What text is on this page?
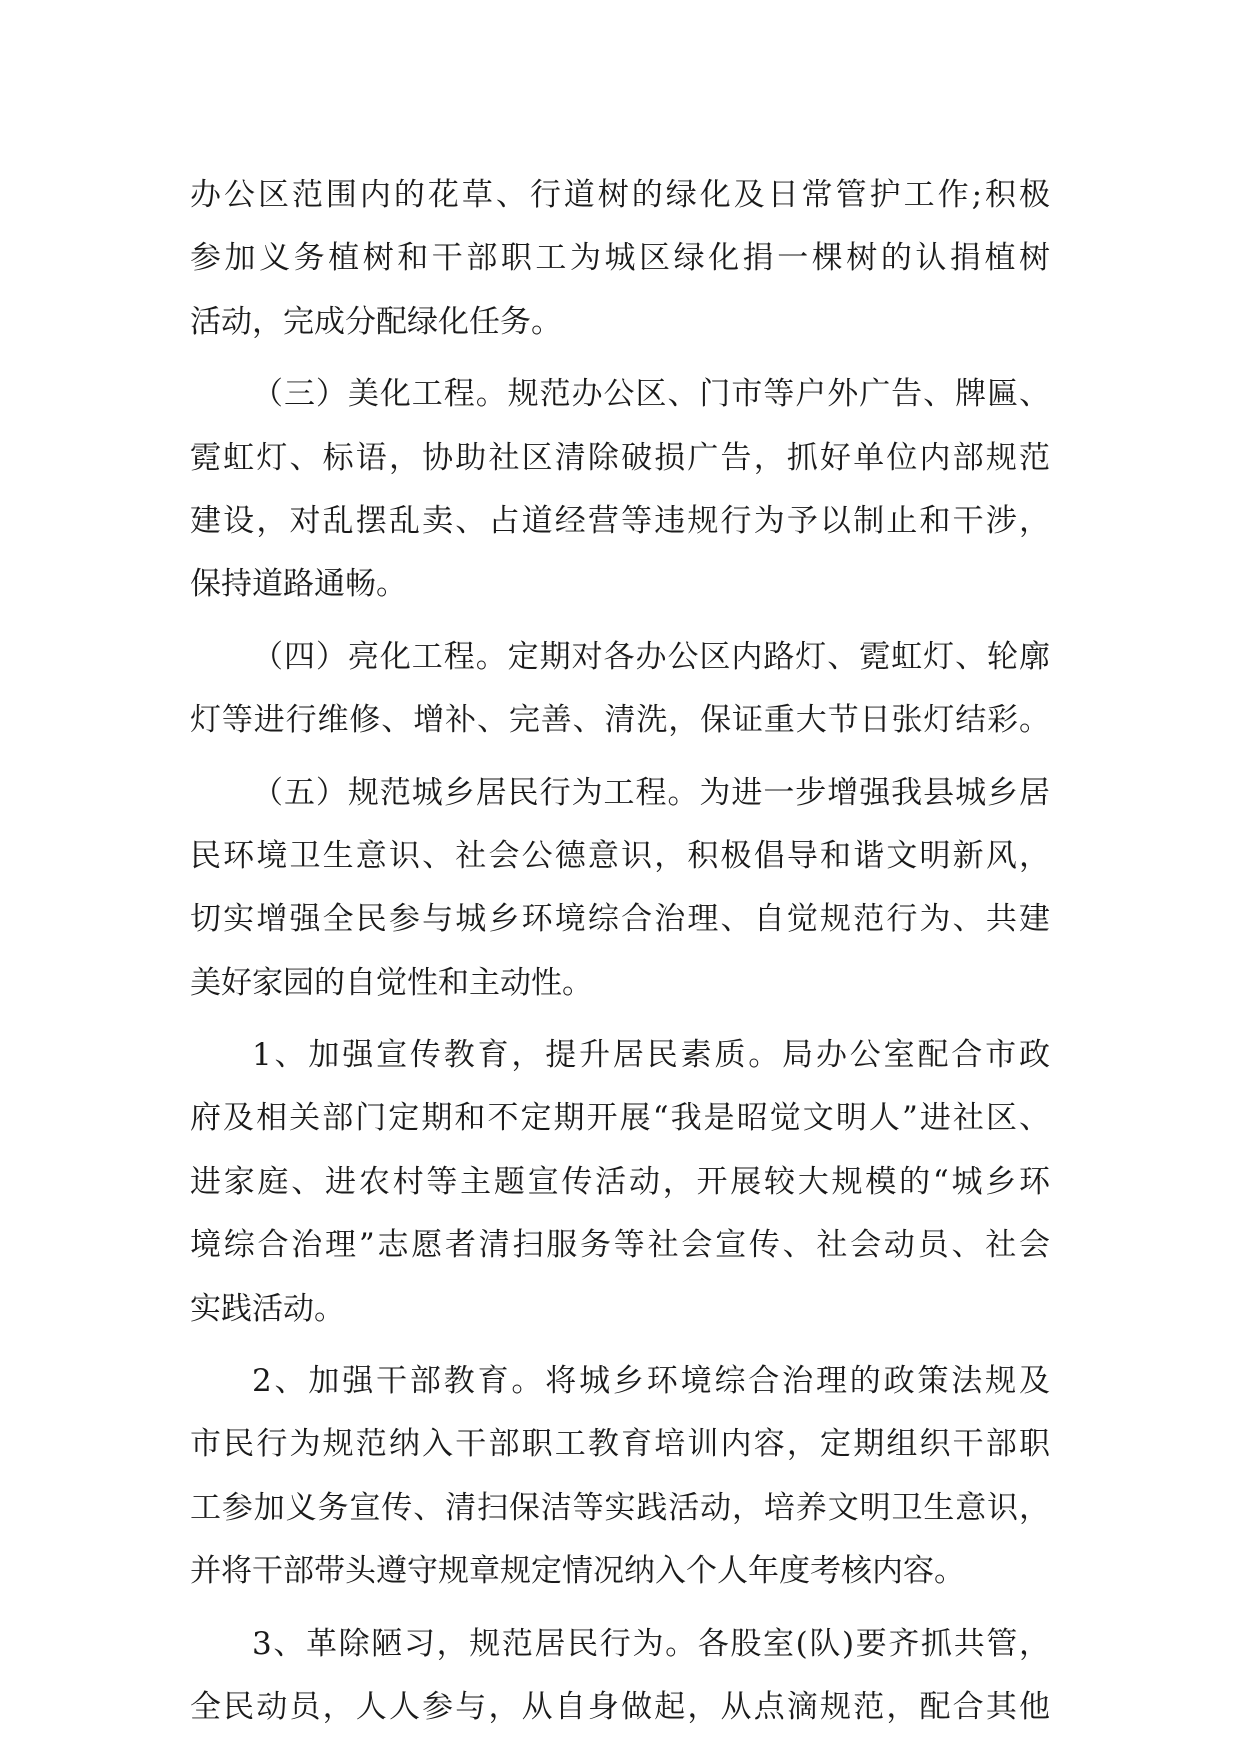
办公区范围内的花草、行道树的绿化及日常管护工作;积极
参加义务植树和干部职工为城区绿化捐一棵树的认捐植树
活动，完成分配绿化任务。
（三）美化工程。规范办公区、门市等户外广告、牌匾、
霓虹灯、标语，协助社区清除破损广告，抓好单位内部规范
建设，对乱摆乱卖、占道经营等违规行为予以制止和干涉，
保持道路通畅。
（四）亮化工程。定期对各办公区内路灯、霓虹灯、轮廓
灯等进行维修、增补、完善、清洗，保证重大节日张灯结彩。
（五）规范城乡居民行为工程。为进一步增强我县城乡居
民环境卫生意识、社会公德意识，积极倡导和谐文明新风，
切实增强全民参与城乡环境综合治理、自觉规范行为、共建
美好家园的自觉性和主动性。
1、加强宣传教育，提升居民素质。局办公室配合市政
府及相关部门定期和不定期开展“我是昭觉文明人”进社区、
进家庭、进农村等主题宣传活动，开展较大规模的“城乡环
境综合治理”志愿者清扫服务等社会宣传、社会动员、社会
实践活动。
2、加强干部教育。将城乡环境综合治理的政策法规及
市民行为规范纳入干部职工教育培训内容，定期组织干部职
工参加义务宣传、清扫保洁等实践活动，培养文明卫生意识，
并将干部带头遵守规章规定情况纳入个人年度考核内容。
3、革除陋习，规范居民行为。各股室(队)要齐抓共管，
全民动员，人人参与，从自身做起，从点滴规范，配合其他
